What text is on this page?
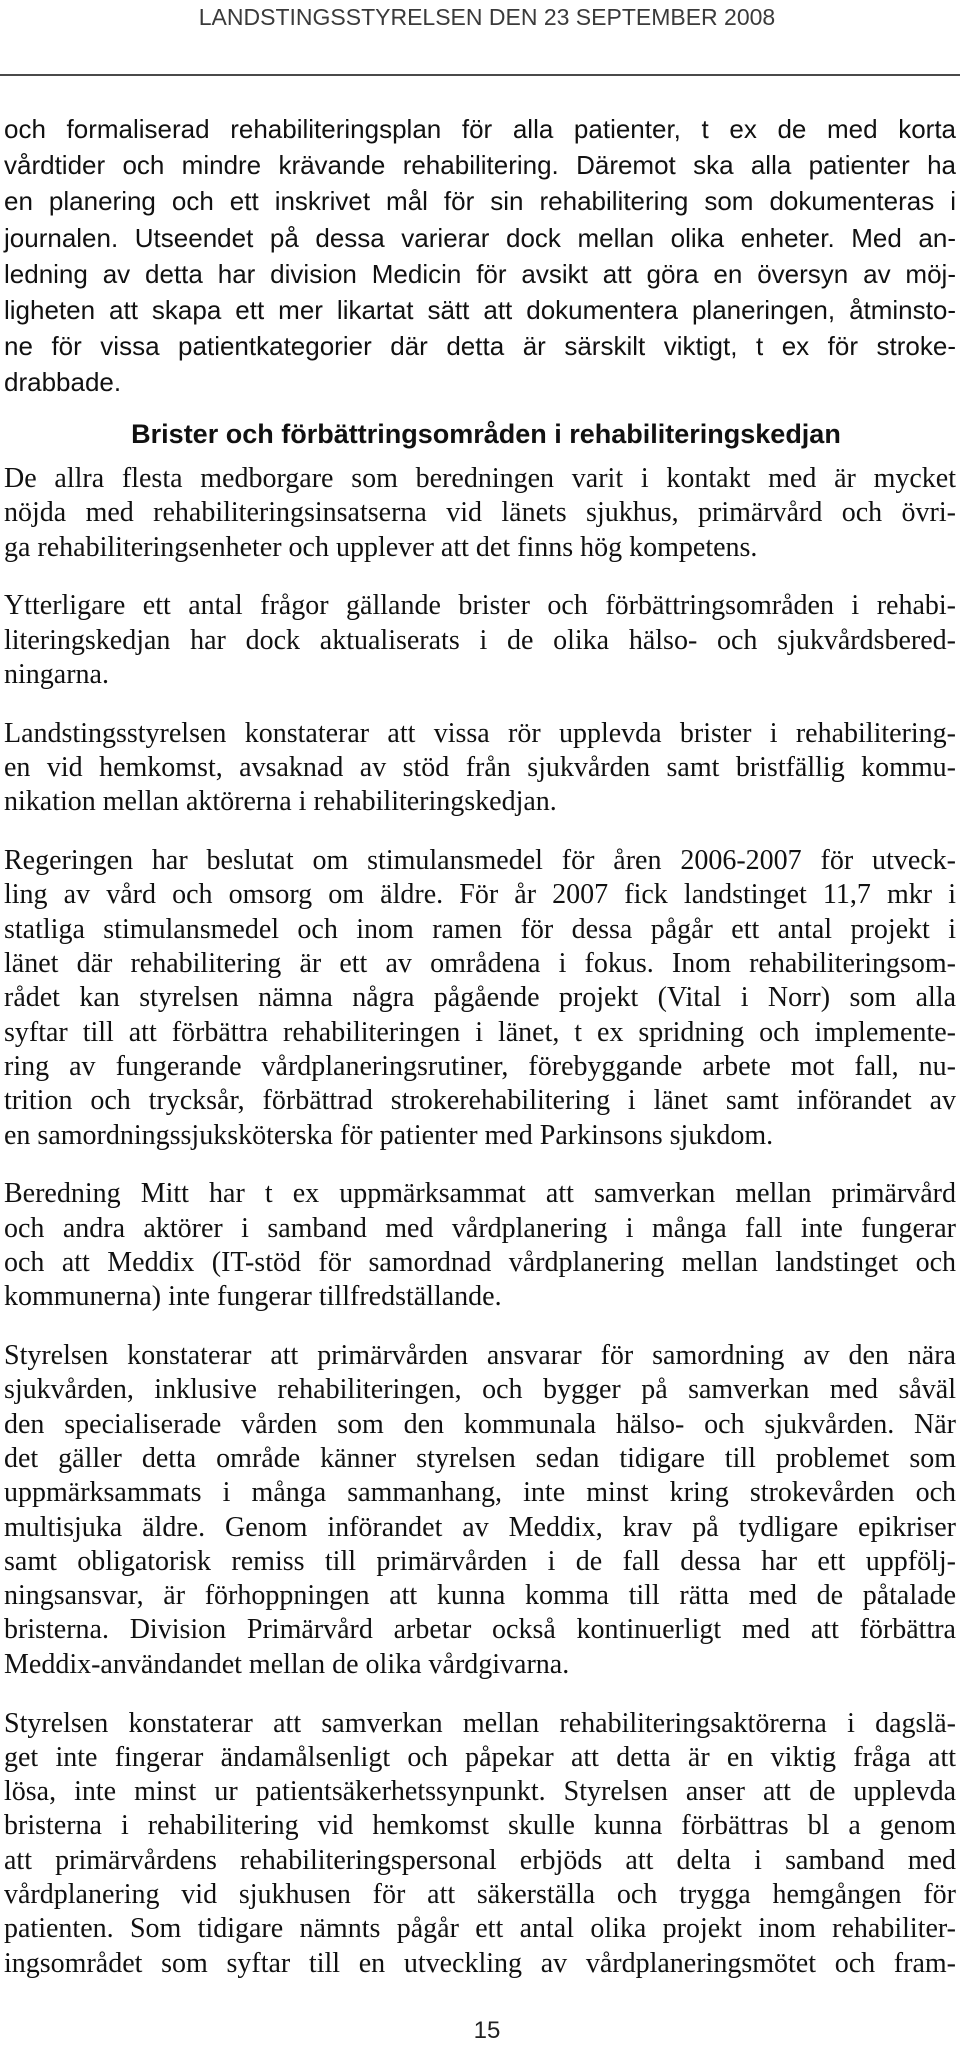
LANDSTINGSSTYRELSEN DEN 23 SEPTEMBER 2008
och formaliserad rehabiliteringsplan för alla patienter, t ex de med korta
vårdtider och mindre krävande rehabilitering. Däremot ska alla patienter ha
en planering och ett inskrivet mål för sin rehabilitering som dokumenteras i
journalen. Utseendet på dessa varierar dock mellan olika enheter. Med an-
ledning av detta har division Medicin för avsikt att göra en översyn av möj-
ligheten att skapa ett mer likartat sätt att dokumentera planeringen, åtminsto-
ne för vissa patientkategorier där detta är särskilt viktigt, t ex för stroke-
drabbade.
Brister och förbättringsområden i rehabiliteringskedjan
De allra flesta medborgare som beredningen varit i kontakt med är mycket
nöjda med rehabiliteringsinsatserna vid länets sjukhus, primärvård och övri-
ga rehabiliteringsenheter och upplever att det finns hög kompetens.
Ytterligare ett antal frågor gällande brister och förbättringsområden i rehabi-
literingskedjan har dock aktualiserats i de olika hälso- och sjukvårdsbered-
ningarna.
Landstingsstyrelsen konstaterar att vissa rör upplevda brister i rehabilitering-
en vid hemkomst, avsaknad av stöd från sjukvården samt bristfällig kommu-
nikation mellan aktörerna i rehabiliteringskedjan.
Regeringen har beslutat om stimulansmedel för åren 2006-2007 för utveck-
ling av vård och omsorg om äldre. För år 2007 fick landstinget 11,7 mkr i
statliga stimulansmedel och inom ramen för dessa pågår ett antal projekt i
länet där rehabilitering är ett av områdena i fokus. Inom rehabiliteringsom-
rådet kan styrelsen nämna några pågående projekt (Vital i Norr) som alla
syftar till att förbättra rehabiliteringen i länet, t ex spridning och implemente-
ring av fungerande vårdplaneringsrutiner, förebyggande arbete mot fall, nu-
trition och trycksår, förbättrad strokerehabilitering i länet samt införandet av
en samordningssjuksköterska för patienter med Parkinsons sjukdom.
Beredning Mitt har t ex uppmärksammat att samverkan mellan primärvård
och andra aktörer i samband med vårdplanering i många fall inte fungerar
och att Meddix (IT-stöd för samordnad vårdplanering mellan landstinget och
kommunerna) inte fungerar tillfredställande.
Styrelsen konstaterar att primärvården ansvarar för samordning av den nära
sjukvården, inklusive rehabiliteringen, och bygger på samverkan med såväl
den specialiserade vården som den kommunala hälso- och sjukvården. När
det gäller detta område känner styrelsen sedan tidigare till problemet som
uppmärksammats i många sammanhang, inte minst kring strokevården och
multisjuka äldre. Genom införandet av Meddix, krav på tydligare epikriser
samt obligatorisk remiss till primärvården i de fall dessa har ett uppfölj-
ningsansvar, är förhoppningen att kunna komma till rätta med de påtalade
bristerna. Division Primärvård arbetar också kontinuerligt med att förbättra
Meddix-användandet mellan de olika vårdgivarna.
Styrelsen konstaterar att samverkan mellan rehabiliteringsaktörerna i dagslä-
get inte fingerar ändamålsenligt och påpekar att detta är en viktig fråga att
lösa, inte minst ur patientsäkerhetssynpunkt. Styrelsen anser att de upplevda
bristerna i rehabilitering vid hemkomst skulle kunna förbättras bl a genom
att primärvårdens rehabiliteringspersonal erbjöds att delta i samband med
vårdplanering vid sjukhusen för att säkerställa och trygga hemgången för
patienten. Som tidigare nämnts pågår ett antal olika projekt inom rehabiliter-
ingsområdet som syftar till en utveckling av vårdplaneringsmötet och fram-
15
